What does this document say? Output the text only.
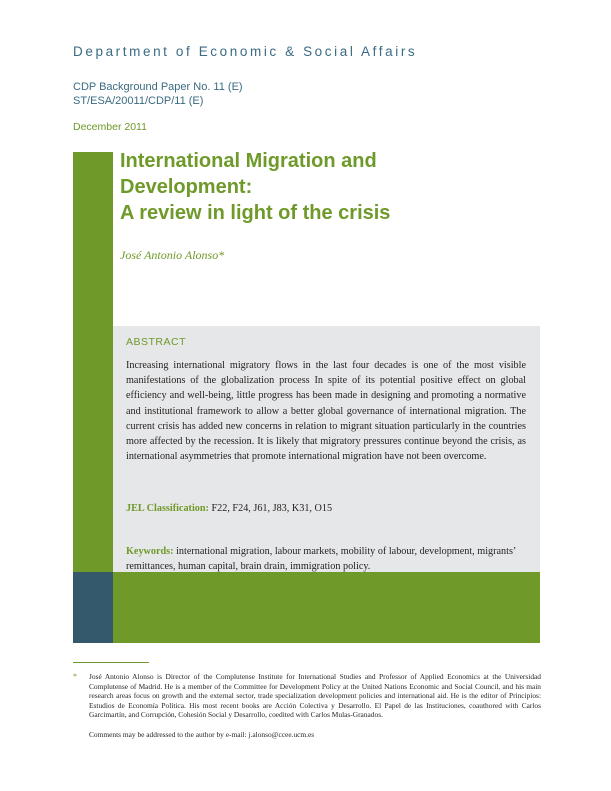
Department of Economic & Social Affairs
CDP Background Paper No. 11 (E)
ST/ESA/20011/CDP/11 (E)
December 2011
International Migration and
Development:
A review in light of the crisis
José Antonio Alonso*
ABSTRACT
Increasing international migratory flows in the last four decades is one of the most visible manifestations of the globalization process In spite of its potential positive effect on global efficiency and well-being, little progress has been made in designing and promoting a normative and institutional framework to allow a better global governance of international migration. The current crisis has added new concerns in relation to migrant situation particularly in the countries more affected by the recession. It is likely that migratory pressures continue beyond the crisis, as international asymmetries that promote international migration have not been overcome.
JEL Classification: F22, F24, J61, J83, K31, O15
Keywords: international migration, labour markets, mobility of labour, development, migrants’ remittances, human capital, brain drain, immigration policy.
* José Antonio Alonso is Director of the Complutense Institute for International Studies and Professor of Applied Economics at the Universidad Complutense of Madrid. He is a member of the Committee for Development Policy at the United Nations Economic and Social Council, and his main research areas focus on growth and the external sector, trade specialization development policies and international aid. He is the editor of Principios: Estudios de Economía Política. His most recent books are Acción Colectiva y Desarrollo. El Papel de las Instituciones, coauthored with Carlos Garcimartín, and Corrupción, Cohesión Social y Desarrollo, coedited with Carlos Mulas-Granados.
Comments may be addressed to the author by e-mail: j.alonso@ccee.ucm.es
